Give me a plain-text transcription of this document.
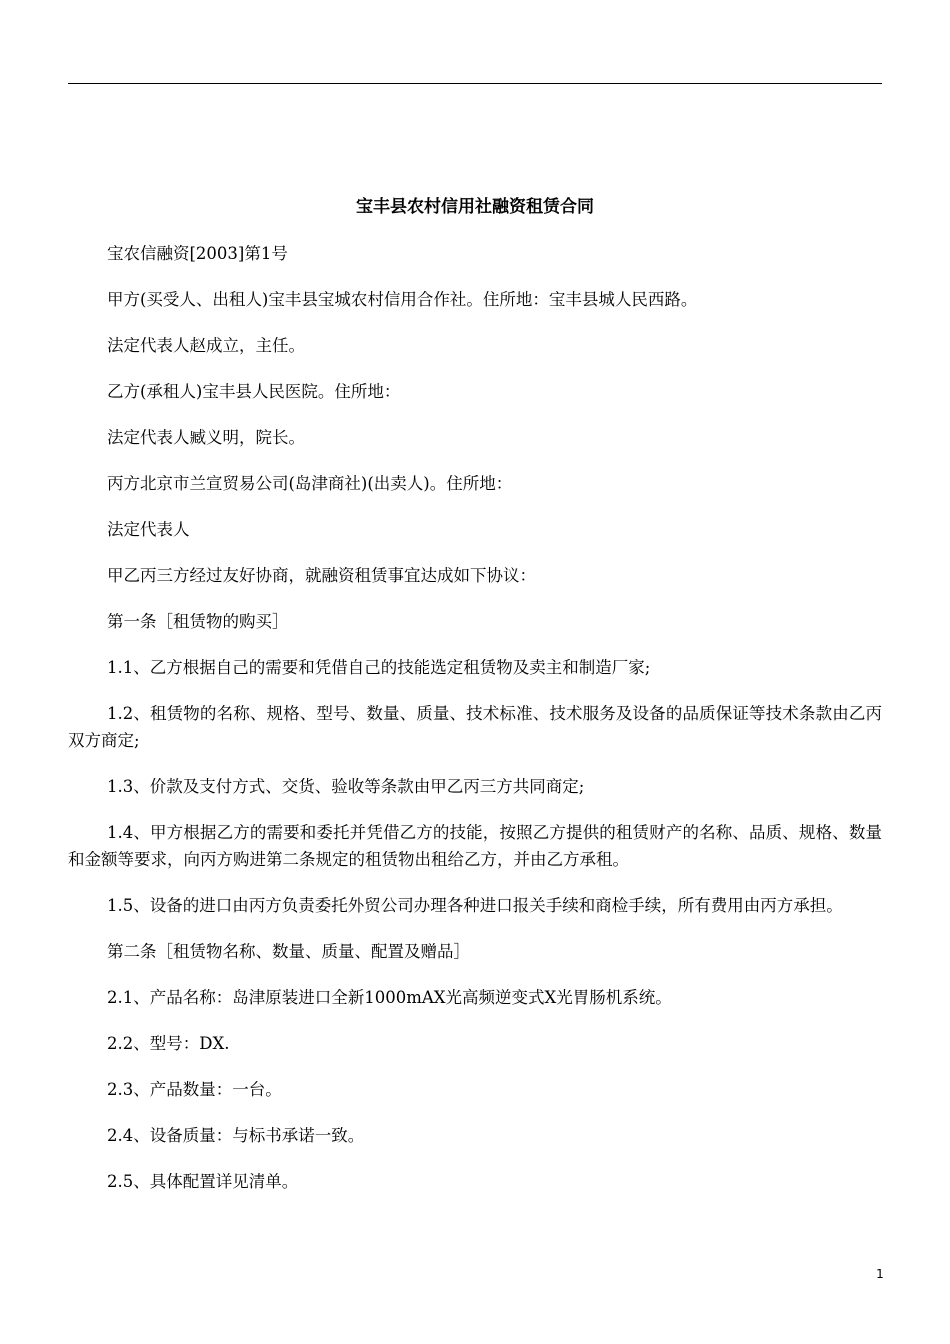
宝丰县农村信用社融资租赁合同

宝农信融资[2003]第1号

甲方(买受人、出租人)宝丰县宝城农村信用合作社。住所地：宝丰县城人民西路。

法定代表人赵成立，主任。

乙方(承租人)宝丰县人民医院。住所地：

法定代表人臧义明，院长。

丙方北京市兰宣贸易公司(岛津商社)(出卖人)。住所地：

法定代表人

甲乙丙三方经过友好协商，就融资租赁事宜达成如下协议：

第一条［租赁物的购买］

1.1、乙方根据自己的需要和凭借自己的技能选定租赁物及卖主和制造厂家;

1.2、租赁物的名称、规格、型号、数量、质量、技术标准、技术服务及设备的品质保证等技术条款由乙丙双方商定;

1.3、价款及支付方式、交货、验收等条款由甲乙丙三方共同商定;

1.4、甲方根据乙方的需要和委托并凭借乙方的技能，按照乙方提供的租赁财产的名称、品质、规格、数量和金额等要求，向丙方购进第二条规定的租赁物出租给乙方，并由乙方承租。

1.5、设备的进口由丙方负责委托外贸公司办理各种进口报关手续和商检手续，所有费用由丙方承担。

第二条［租赁物名称、数量、质量、配置及赠品］

2.1、产品名称：岛津原装进口全新1000mAX光高频逆变式X光胃肠机系统。

2.2、型号：DX.

2.3、产品数量：一台。

2.4、设备质量：与标书承诺一致。

2.5、具体配置详见清单。

1
